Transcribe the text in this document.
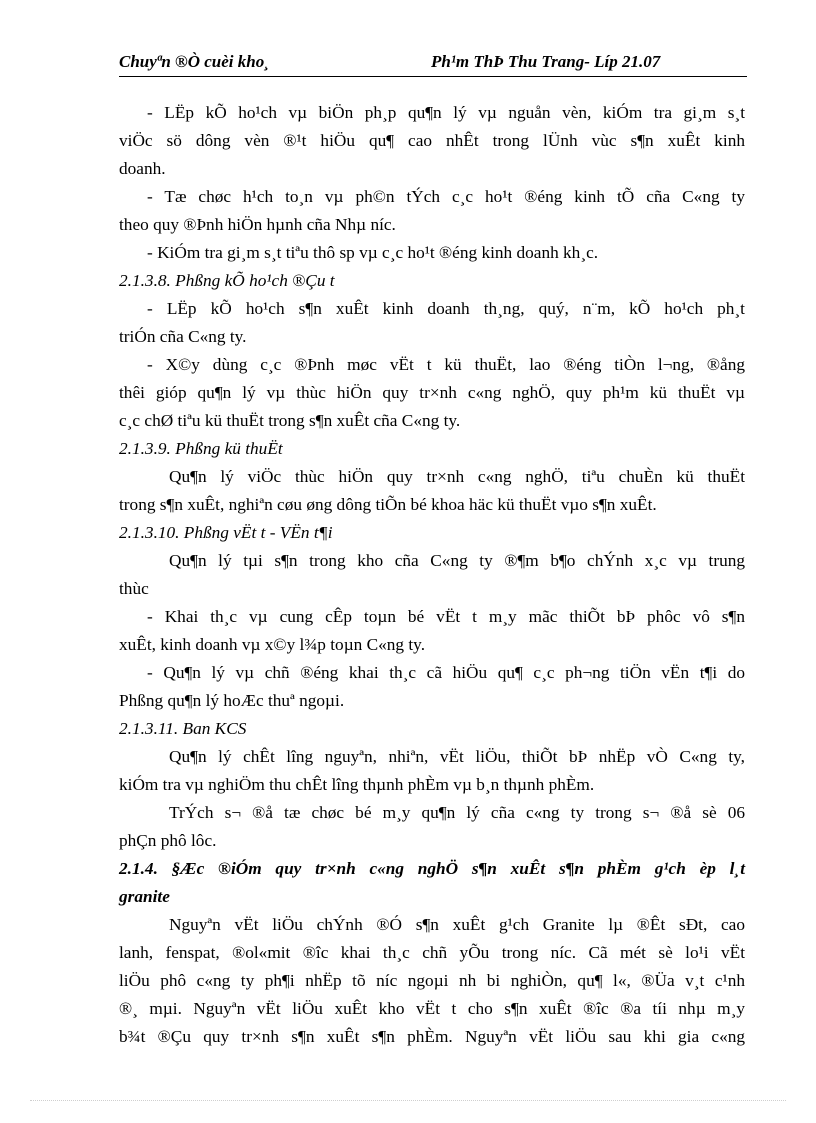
Chuyªn ®Ò cuèi kho¸	Ph¹m ThÞ Thu Trang- Líp 21.07
- LËp kÕ ho¹ch vµ biÖn ph¸p qu¶n lý vµ nguån vèn, kiÓm tra gi¸m s¸t
viÖc sö dông vèn ®¹t hiÖu qu¶ cao nhÊt trong lÜnh vùc s¶n xuÊt kinh
doanh.
- Tæ chøc h¹ch to¸n vµ ph©n tÝch c¸c ho¹t ®éng kinh tÕ cña C«ng ty
theo quy ®Þnh hiÖn hµnh cña Nhµ níc.
- KiÓm tra gi¸m s¸t tiªu thô sp vµ c¸c ho¹t ®éng kinh doanh kh¸c.
2.1.3.8. Phßng kÕ ho¹ch ®Çu t
- LËp kÕ ho¹ch s¶n xuÊt kinh doanh th¸ng, quý, n¨m, kÕ ho¹ch ph¸t
triÓn cña C«ng ty.
- X©y dùng c¸c ®Þnh møc vËt t kü thuËt, lao ®éng tiÒn l¬ng, ®ång
thêi gióp qu¶n lý vµ thùc hiÖn quy tr×nh c«ng nghÖ, quy ph¹m kü thuËt vµ
c¸c chØ tiªu kü thuËt trong s¶n xuÊt cña C«ng ty.
2.1.3.9. Phßng kü thuËt
Qu¶n lý viÖc thùc hiÖn quy tr×nh c«ng nghÖ, tiªu chuÈn kü thuËt
trong s¶n xuÊt, nghiªn cøu øng dông tiÕn bé khoa häc kü thuËt vµo s¶n xuÊt.
2.1.3.10. Phßng vËt t - VËn t¶i
Qu¶n lý tµi s¶n trong kho cña C«ng ty ®¶m b¶o chÝnh x¸c vµ trung
thùc
- Khai th¸c vµ cung cÊp toµn bé vËt t m¸y mãc thiÕt bÞ phôc vô s¶n
xuÊt, kinh doanh vµ x©y l¾p toµn C«ng ty.
- Qu¶n lý vµ chñ ®éng khai th¸c cã hiÖu qu¶ c¸c ph¬ng tiÖn vËn t¶i do
Phßng qu¶n lý hoÆc thuª ngoµi.
2.1.3.11. Ban KCS
Qu¶n lý chÊt lîng nguyªn, nhiªn, vËt liÖu, thiÕt bÞ nhËp vÒ C«ng ty,
kiÓm tra vµ nghiÖm thu chÊt lîng thµnh phÈm vµ b¸n thµnh phÈm.
TrÝch s¬ ®å tæ chøc bé m¸y qu¶n lý cña c«ng ty trong s¬ ®å sè 06
phÇn phô lôc.
2.1.4. §Æc ®iÓm quy tr×nh c«ng nghÖ s¶n xuÊt s¶n phÈm g¹ch èp l¸t
granite
Nguyªn vËt liÖu chÝnh ®Ó s¶n xuÊt g¹ch Granite lµ ®Êt sÐt, cao
lanh, fenspat, ®ol«mit ®îc khai th¸c chñ yÕu trong níc. Cã mét sè lo¹i vËt
liÖu phô c«ng ty ph¶i nhËp tõ níc ngoµi nh bi nghiÒn, qu¶ l«, ®Üa v¸t c¹nh
®¸ mµi. Nguyªn vËt liÖu xuÊt kho vËt t cho s¶n xuÊt ®îc ®a tíi nhµ m¸y
b¾t ®Çu quy tr×nh s¶n xuÊt s¶n phÈm. Nguyªn vËt liÖu sau khi gia c«ng
